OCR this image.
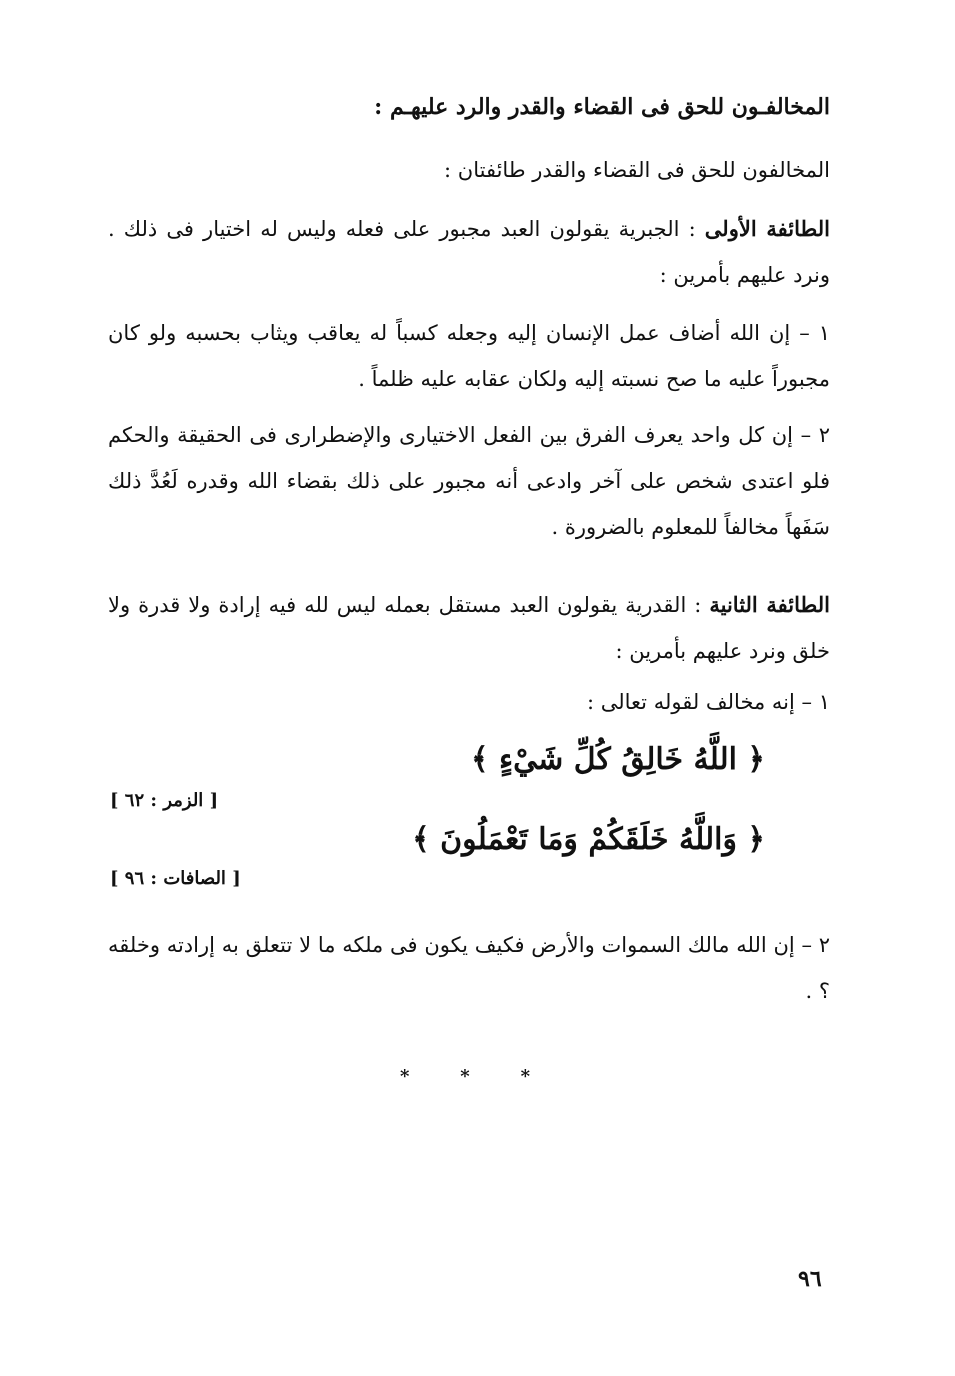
المخالفـون للحق فى القضاء والقدر والرد عليهـم :
المخالفون للحق فى القضاء والقدر طائفتان :
الطائفة الأولى : الجبرية يقولون العبد مجبور على فعله وليس له اختيار فى ذلك . ونرد عليهم بأمرين :
١ – إن الله أضاف عمل الإنسان إليه وجعله كسباً له يعاقب ويثاب بحسبه ولو كان مجبوراً عليه ما صح نسبته إليه ولكان عقابه عليه ظلماً .
٢ – إن كل واحد يعرف الفرق بين الفعل الاختيارى والإضطرارى فى الحقيقة والحكم فلو اعتدى شخص على آخر وادعى أنه مجبور على ذلك بقضاء الله وقدره لَعُدَّ ذلك سَفَهاً مخالفاً للمعلوم بالضرورة .
الطائفة الثانية : القدرية يقولون العبد مستقل بعمله ليس لله فيه إرادة ولا قدرة ولا خلق ونرد عليهم بأمرين :
١ – إنه مخالف لقوله تعالى :
﴿ اللَّهُ خَالِقُ كُلِّ شَيْءٍ ﴾
[ الزمر : ٦٢ ]
﴿ وَاللَّهُ خَلَقَكُمْ وَمَا تَعْمَلُونَ ﴾
[ الصافات : ٩٦ ]
٢ – إن الله مالك السموات والأرض فكيف يكون فى ملكه ما لا تتعلق به إرادته وخلقه ؟ .
*	*	*
٩٦
